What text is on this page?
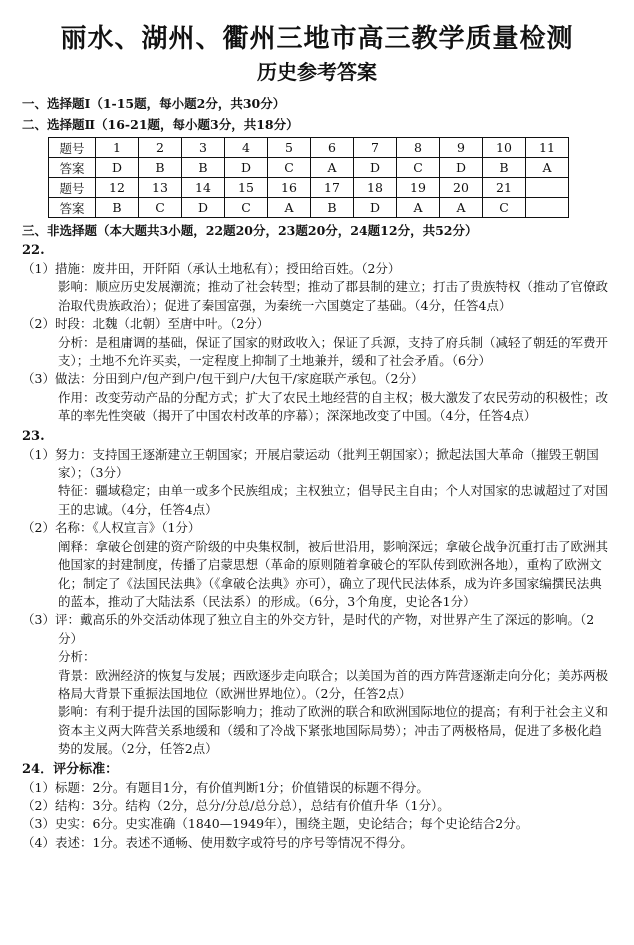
丽水、湖州、衢州三地市高三教学质量检测
历史参考答案
一、选择题Ⅰ（1-15题，每小题2分，共30分）
二、选择题Ⅱ（16-21题，每小题3分，共18分）
题号	1	2	3	4	5	6	7	8	9	10	11
答案	D	B	B	D	C	A	D	C	D	B	A
题号	12	13	14	15	16	17	18	19	20	21	
答案	B	C	D	C	A	B	D	A	A	C	
三、非选择题（本大题共3小题，22题20分，23题20分，24题12分，共52分）
22.
（1）措施：废井田，开阡陌（承认土地私有）；授田给百姓。（2分）
影响：顺应历史发展潮流；推动了社会转型；推动了郡县制的建立；打击了贵族特权（推动了官僚政治取代贵族政治）；促进了秦国富强，为秦统一六国奠定了基础。（4分，任答4点）
（2）时段：北魏（北朝）至唐中叶。（2分）
分析：是租庸调的基础，保证了国家的财政收入；保证了兵源，支持了府兵制（减轻了朝廷的军费开支）；土地不允许买卖，一定程度上抑制了土地兼并，缓和了社会矛盾。（6分）
（3）做法：分田到户/包产到户/包干到户/大包干/家庭联产承包。（2分）
作用：改变劳动产品的分配方式；扩大了农民土地经营的自主权；极大激发了农民劳动的积极性；改革的率先性突破（揭开了中国农村改革的序幕）；深深地改变了中国。（4分，任答4点）
23.
（1）努力：支持国王逐渐建立王朝国家；开展启蒙运动（批判王朝国家）；掀起法国大革命（摧毁王朝国家）；（3分）
特征：疆域稳定；由单一或多个民族组成；主权独立；倡导民主自由；个人对国家的忠诚超过了对国王的忠诚。（4分，任答4点）
（2）名称：《人权宣言》（1分）
阐释：拿破仑创建的资产阶级的中央集权制，被后世沿用，影响深远；拿破仑战争沉重打击了欧洲其他国家的封建制度，传播了启蒙思想（革命的原则随着拿破仑的军队传到欧洲各地），重构了欧洲文化；制定了《法国民法典》（《拿破仑法典》亦可），确立了现代民法体系，成为许多国家编撰民法典的蓝本，推动了大陆法系（民法系）的形成。（6分，3个角度，史论各1分）
（3）评：戴高乐的外交活动体现了独立自主的外交方针，是时代的产物，对世界产生了深远的影响。（2分）
分析：
背景：欧洲经济的恢复与发展；西欧逐步走向联合；以美国为首的西方阵营逐渐走向分化；美苏两极格局大背景下重振法国地位（欧洲世界地位）。（2分，任答2点）
影响：有利于提升法国的国际影响力；推动了欧洲的联合和欧洲国际地位的提高；有利于社会主义和资本主义两大阵营关系地缓和（缓和了冷战下紧张地国际局势）；冲击了两极格局，促进了多极化趋势的发展。（2分，任答2点）
24．评分标准：
（1）标题：2分。有题目1分，有价值判断1分；价值错误的标题不得分。
（2）结构：3分。结构（2分，总分/分总/总分总），总结有价值升华（1分）。
（3）史实：6分。史实准确（1840—1949年），围绕主题，史论结合；每个史论结合2分。
（4）表述：1分。表述不通畅、使用数字或符号的序号等情况不得分。
